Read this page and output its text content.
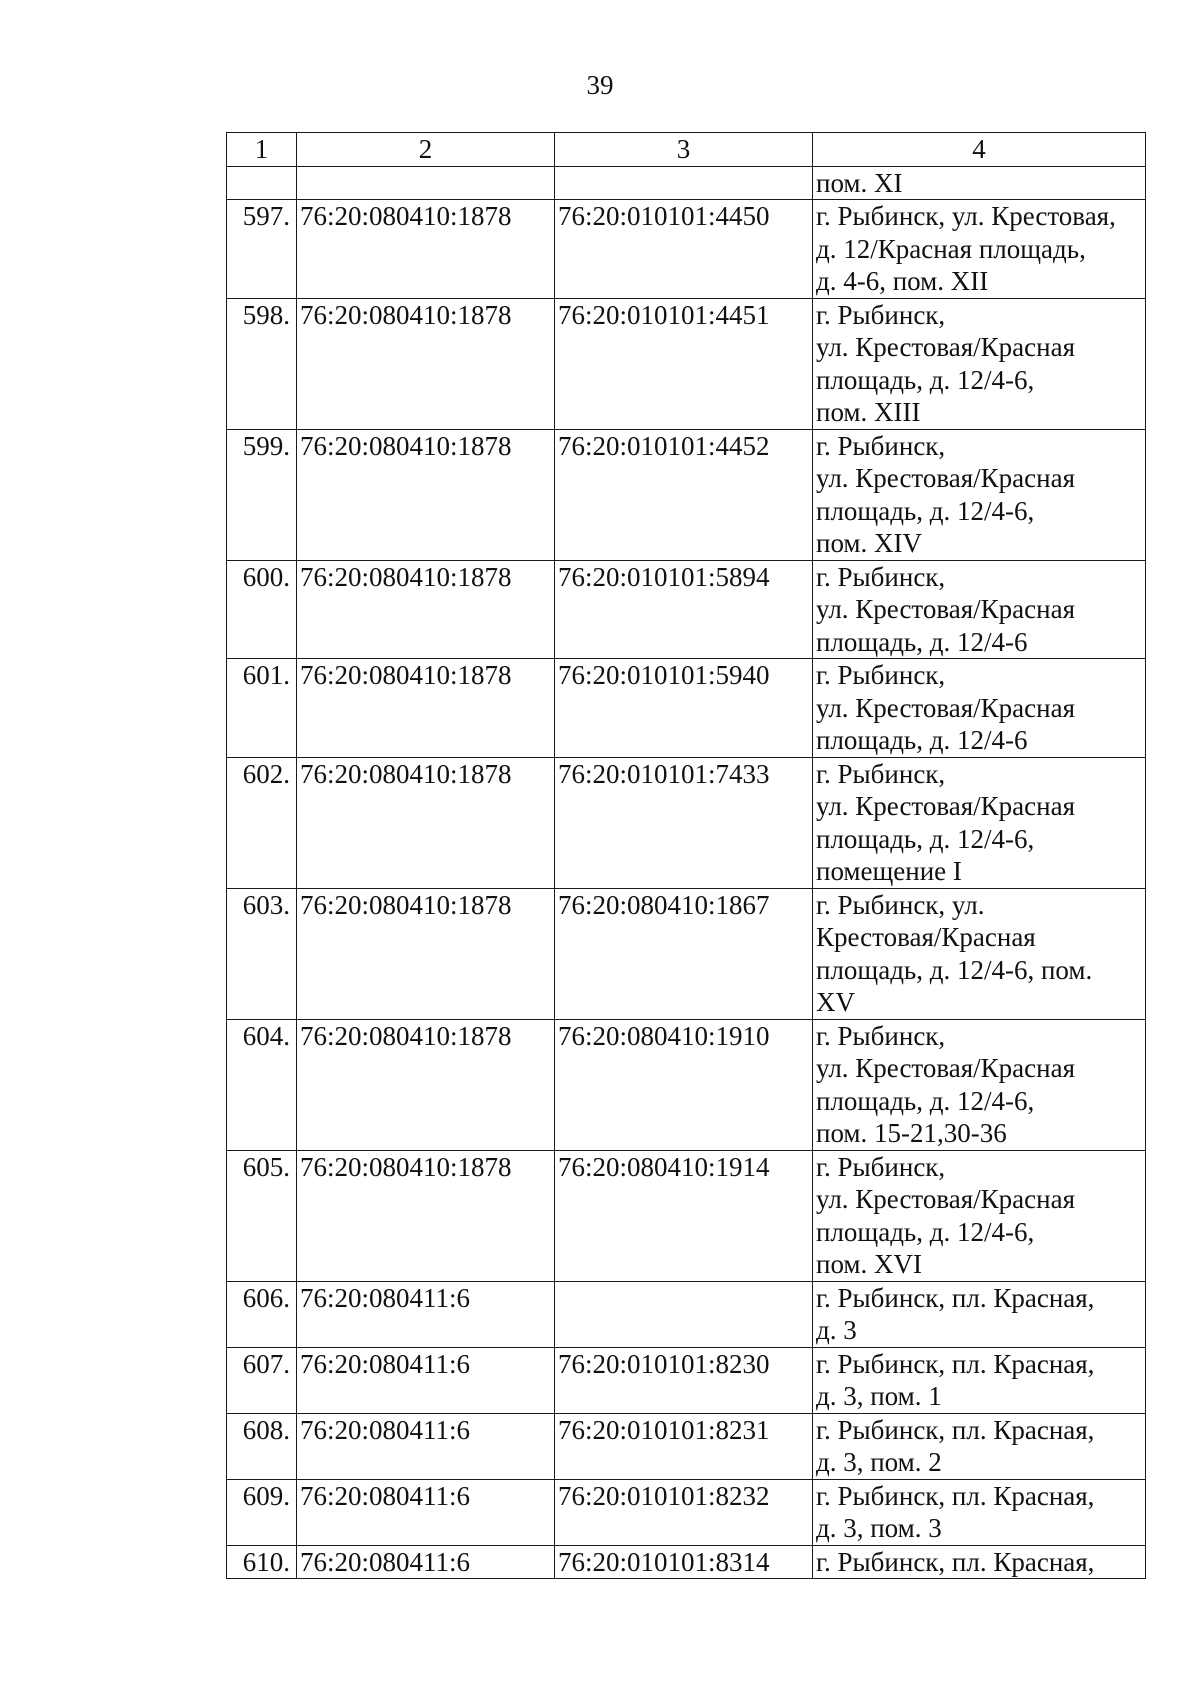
39
1	2	3	4

			пом. XI

597.	76:20:080410:1878	76:20:010101:4450	г. Рыбинск, ул. Крестовая,
д. 12/Красная площадь,
д. 4-6, пом. XII

598.	76:20:080410:1878	76:20:010101:4451	г. Рыбинск,
ул. Крестовая/Красная
площадь, д. 12/4-6,
пом. XIII

599.	76:20:080410:1878	76:20:010101:4452	г. Рыбинск,
ул. Крестовая/Красная
площадь, д. 12/4-6,
пом. XIV

600.	76:20:080410:1878	76:20:010101:5894	г. Рыбинск,
ул. Крестовая/Красная
площадь, д. 12/4-6

601.	76:20:080410:1878	76:20:010101:5940	г. Рыбинск,
ул. Крестовая/Красная
площадь, д. 12/4-6

602.	76:20:080410:1878	76:20:010101:7433	г. Рыбинск,
ул. Крестовая/Красная
площадь, д. 12/4-6,
помещение I

603.	76:20:080410:1878	76:20:080410:1867	г. Рыбинск, ул.
Крестовая/Красная
площадь, д. 12/4-6, пом.
XV

604.	76:20:080410:1878	76:20:080410:1910	г. Рыбинск,
ул. Крестовая/Красная
площадь, д. 12/4-6,
пом. 15-21,30-36

605.	76:20:080410:1878	76:20:080410:1914	г. Рыбинск,
ул. Крестовая/Красная
площадь, д. 12/4-6,
пом. XVI

606.	76:20:080411:6		г. Рыбинск, пл. Красная,
д. 3

607.	76:20:080411:6	76:20:010101:8230	г. Рыбинск, пл. Красная,
д. 3, пом. 1

608.	76:20:080411:6	76:20:010101:8231	г. Рыбинск, пл. Красная,
д. 3, пом. 2

609.	76:20:080411:6	76:20:010101:8232	г. Рыбинск, пл. Красная,
д. 3, пом. 3

610.	76:20:080411:6	76:20:010101:8314	г. Рыбинск, пл. Красная,
